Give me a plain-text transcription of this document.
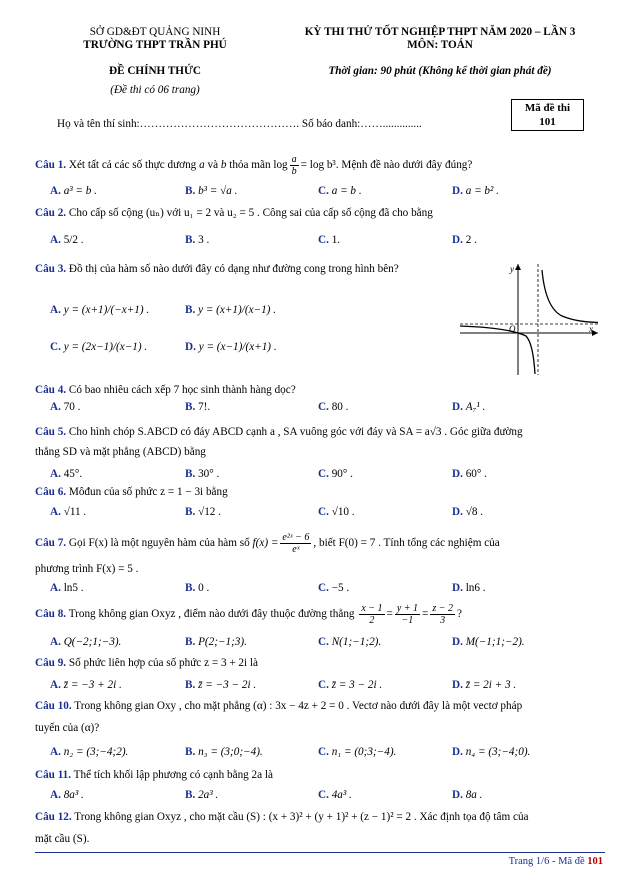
SỞ GD&ĐT QUẢNG NINH
TRƯỜNG THPT TRẦN PHÚ
ĐỀ CHÍNH THỨC
(Đề thi có 06 trang)
KỲ THI THỬ TỐT NGHIỆP THPT NĂM 2020 – LẦN 3
MÔN: TOÁN
Thời gian: 90 phút (Không kể thời gian phát đề)
Mã đề thi
101
Họ và tên thí sinh:……………………………………. Số báo danh:……..............
Câu 1. Xét tất cả các số thực dương a và b thỏa mãn $\log \frac{a}{b} = \log b^3$. Mệnh đề nào dưới đây đúng?
A. a³ = b .	B. b³ = √a .	C. a = b .	D. a = b² .
Câu 2. Cho cấp số cộng (uₙ) với u₁ = 2 và u₂ = 5 . Công sai của cấp số cộng đã cho bằng
A. 5/2 .	B. 3 .	C. 1.	D. 2 .
Câu 3. Đồ thị của hàm số nào dưới đây có dạng như đường cong trong hình bên?
A. y = (x+1)/(−x+1) .	B. y = (x+1)/(x−1) .
C. y = (2x−1)/(x−1) .	D. y = (x−1)/(x+1) .
y
x
O
Câu 4. Có bao nhiêu cách xếp 7 học sinh thành hàng dọc?
A. 70 .	B. 7!.	C. 80 .	D. A₇¹ .
Câu 5. Cho hình chóp S.ABCD có đáy ABCD cạnh a , SA vuông góc với đáy và SA = a√3 . Góc giữa đường
thẳng SD và mặt phẳng (ABCD) bằng
A. 45°.	B. 30° .	C. 90° .	D. 60° .
Câu 6. Môđun của số phức z = 1 − 3i bằng
A. √11 .	B. √12 .	C. √10 .	D. √8 .
Câu 7. Gọi F(x) là một nguyên hàm của hàm số $f(x) = \frac{\text{e²ˣ − 6}}{\text{eˣ}}$ , biết F(0) = 7 . Tính tổng các nghiệm của
phương trình F(x) = 5 .
A. ln5 .	B. 0 .	C. −5 .	D. ln6 .
Câu 8. Trong không gian Oxyz , điểm nào dưới đây thuộc đường thẳng $\frac{x - 1}{2} = \frac{y + 1}{-1} = \frac{z - 2}{3}$ ?
A. Q(−2;1;−3).	B. P(2;−1;3).	C. N(1;−1;2).	D. M(−1;1;−2).
Câu 9. Số phức liên hợp của số phức z = 3 + 2i là
A. z̄ = −3 + 2i .	B. z̄ = −3 − 2i .	C. z̄ = 3 − 2i .	D. z̄ = 2i + 3 .
Câu 10. Trong không gian Oxy , cho mặt phẳng (α) : 3x − 4z + 2 = 0 . Vectơ nào dưới đây là một vectơ pháp
tuyến của (α)?
A. n₂ = (3;−4;2).	B. n₃ = (3;0;−4).	C. n₁ = (0;3;−4).	D. n₄ = (3;−4;0).
Câu 11. Thể tích khối lập phương có cạnh bằng 2a là
A. 8a³ .	B. 2a³ .	C. 4a³ .	D. 8a .
Câu 12. Trong không gian Oxyz , cho mặt cầu (S) : (x + 3)² + (y + 1)² + (z − 1)² = 2 . Xác định tọa độ tâm của
mặt cầu (S).
Trang 1/6 - Mã đề 101
